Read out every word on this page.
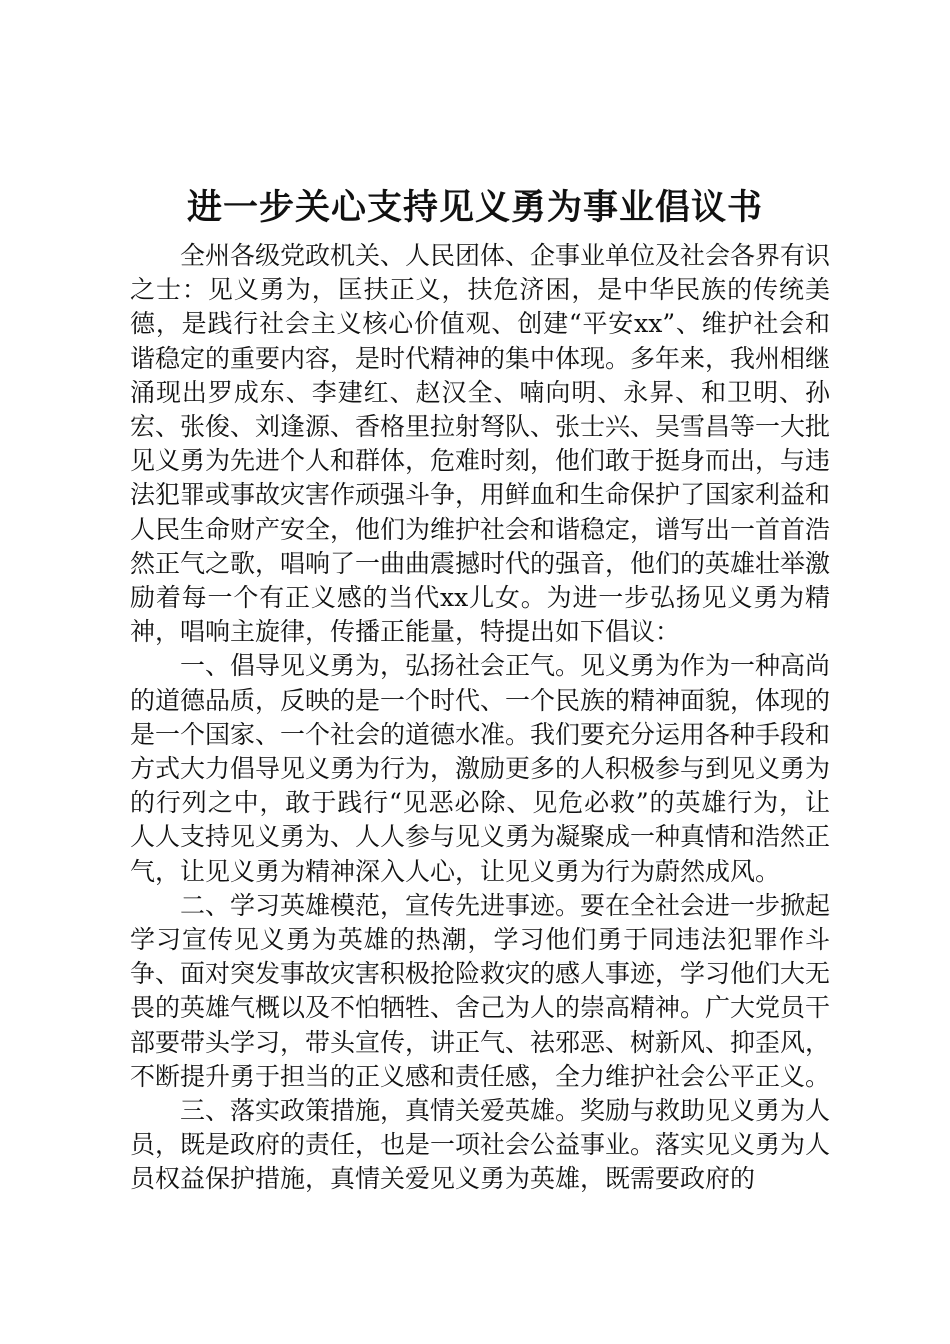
进一步关心支持见义勇为事业倡议书

全州各级党政机关、人民团体、企事业单位及社会各界有识之士：见义勇为，匡扶正义，扶危济困，是中华民族的传统美德，是践行社会主义核心价值观、创建“平安xx”、维护社会和谐稳定的重要内容，是时代精神的集中体现。多年来，我州相继涌现出罗成东、李建红、赵汉全、喃向明、永昇、和卫明、孙宏、张俊、刘逢源、香格里拉射弩队、张士兴、吴雪昌等一大批见义勇为先进个人和群体，危难时刻，他们敢于挺身而出，与违法犯罪或事故灾害作顽强斗争，用鲜血和生命保护了国家利益和人民生命财产安全，他们为维护社会和谐稳定，谱写出一首首浩然正气之歌，唱响了一曲曲震撼时代的强音，他们的英雄壮举激励着每一个有正义感的当代xx儿女。为进一步弘扬见义勇为精神，唱响主旋律，传播正能量，特提出如下倡议：

一、倡导见义勇为，弘扬社会正气。见义勇为作为一种高尚的道德品质，反映的是一个时代、一个民族的精神面貌，体现的是一个国家、一个社会的道德水准。我们要充分运用各种手段和方式大力倡导见义勇为行为，激励更多的人积极参与到见义勇为的行列之中，敢于践行“见恶必除、见危必救”的英雄行为，让人人支持见义勇为、人人参与见义勇为凝聚成一种真情和浩然正气，让见义勇为精神深入人心，让见义勇为行为蔚然成风。

二、学习英雄模范，宣传先进事迹。要在全社会进一步掀起学习宣传见义勇为英雄的热潮，学习他们勇于同违法犯罪作斗争、面对突发事故灾害积极抢险救灾的感人事迹，学习他们大无畏的英雄气概以及不怕牺牲、舍己为人的崇高精神。广大党员干部要带头学习，带头宣传，讲正气、祛邪恶、树新风、抑歪风，不断提升勇于担当的正义感和责任感，全力维护社会公平正义。

三、落实政策措施，真情关爱英雄。奖励与救助见义勇为人员，既是政府的责任，也是一项社会公益事业。落实见义勇为人员权益保护措施，真情关爱见义勇为英雄，既需要政府的
